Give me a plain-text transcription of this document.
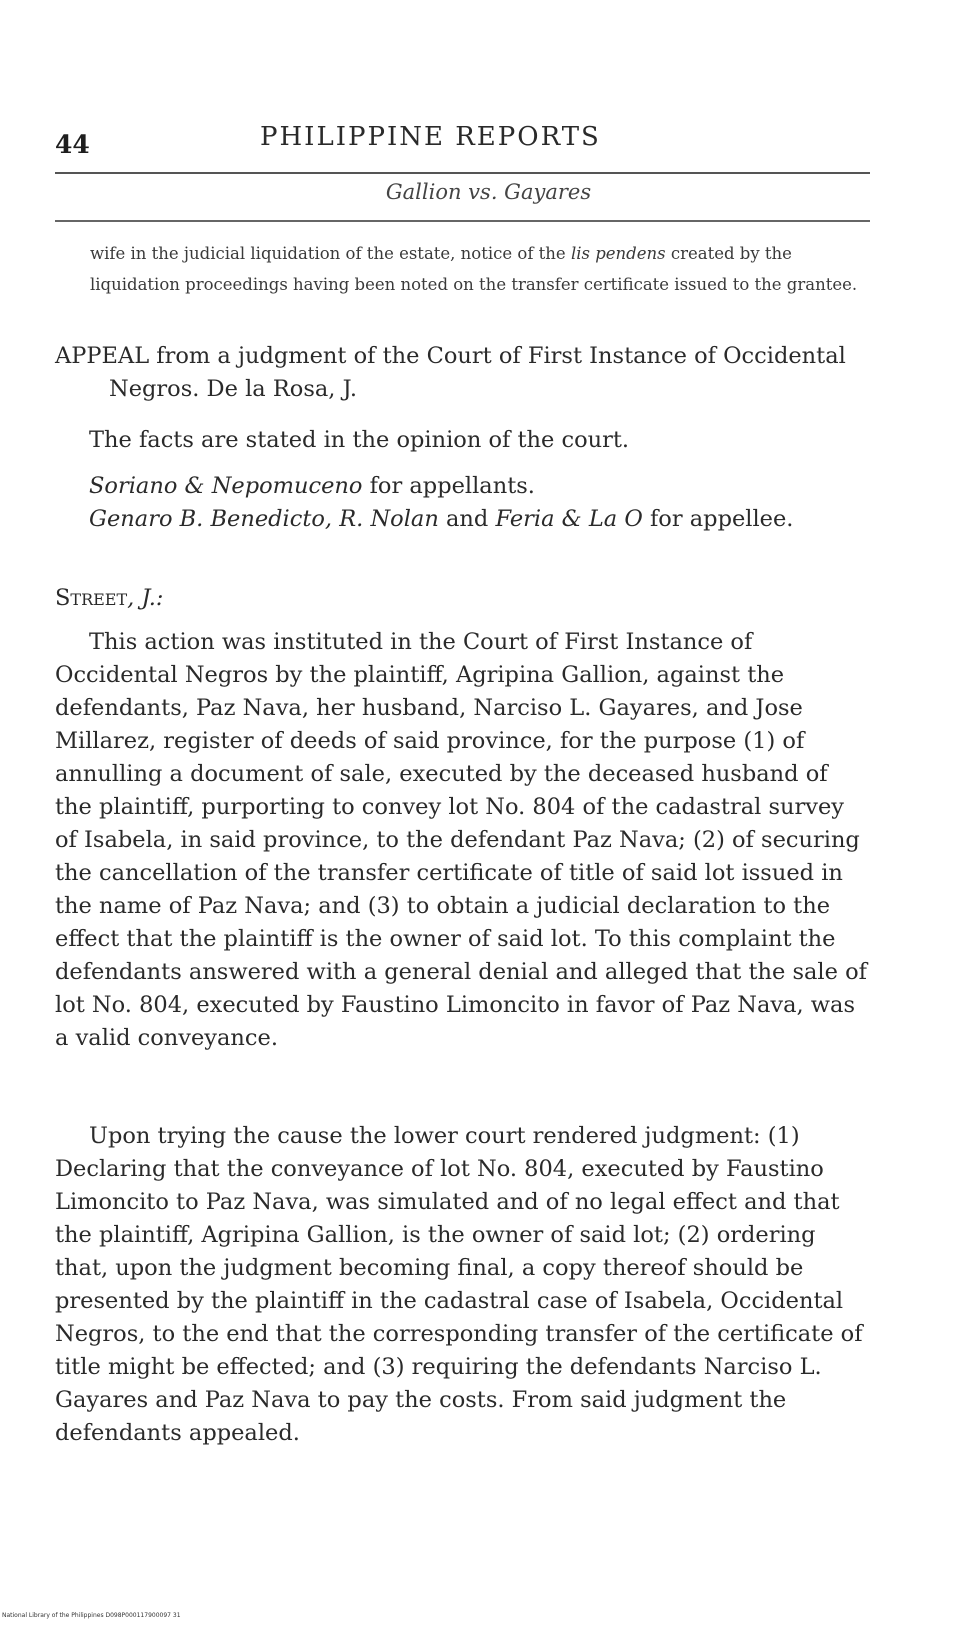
44	PHILIPPINE REPORTS
Gallion vs. Gayares

wife in the judicial liquidation of the estate, notice of the lis pendens created by the liquidation proceedings having been noted on the transfer certificate issued to the grantee.

APPEAL from a judgment of the Court of First Instance of Occidental Negros. De la Rosa, J.

The facts are stated in the opinion of the court.

Soriano & Nepomuceno for appellants.

Genaro B. Benedicto, R. Nolan and Feria & La O for appellee.

Street, J.:

This action was instituted in the Court of First Instance of Occidental Negros by the plaintiff, Agripina Gallion, against the defendants, Paz Nava, her husband, Narciso L. Gayares, and Jose Millarez, register of deeds of said province, for the purpose (1) of annulling a document of sale, executed by the deceased husband of the plaintiff, purporting to convey lot No. 804 of the cadastral survey of Isabela, in said province, to the defendant Paz Nava; (2) of securing the cancellation of the transfer certificate of title of said lot issued in the name of Paz Nava; and (3) to obtain a judicial declaration to the effect that the plaintiff is the owner of said lot. To this complaint the defendants answered with a general denial and alleged that the sale of lot No. 804, executed by Faustino Limoncito in favor of Paz Nava, was a valid conveyance.

Upon trying the cause the lower court rendered judgment: (1) Declaring that the conveyance of lot No. 804, executed by Faustino Limoncito to Paz Nava, was simulated and of no legal effect and that the plaintiff, Agripina Gallion, is the owner of said lot; (2) ordering that, upon the judgment becoming final, a copy thereof should be presented by the plaintiff in the cadastral case of Isabela, Occidental Negros, to the end that the corresponding transfer of the certificate of title might be effected; and (3) requiring the defendants Narciso L. Gayares and Paz Nava to pay the costs. From said judgment the defendants appealed.

National Library of the Philippines D098P000117900097 31
